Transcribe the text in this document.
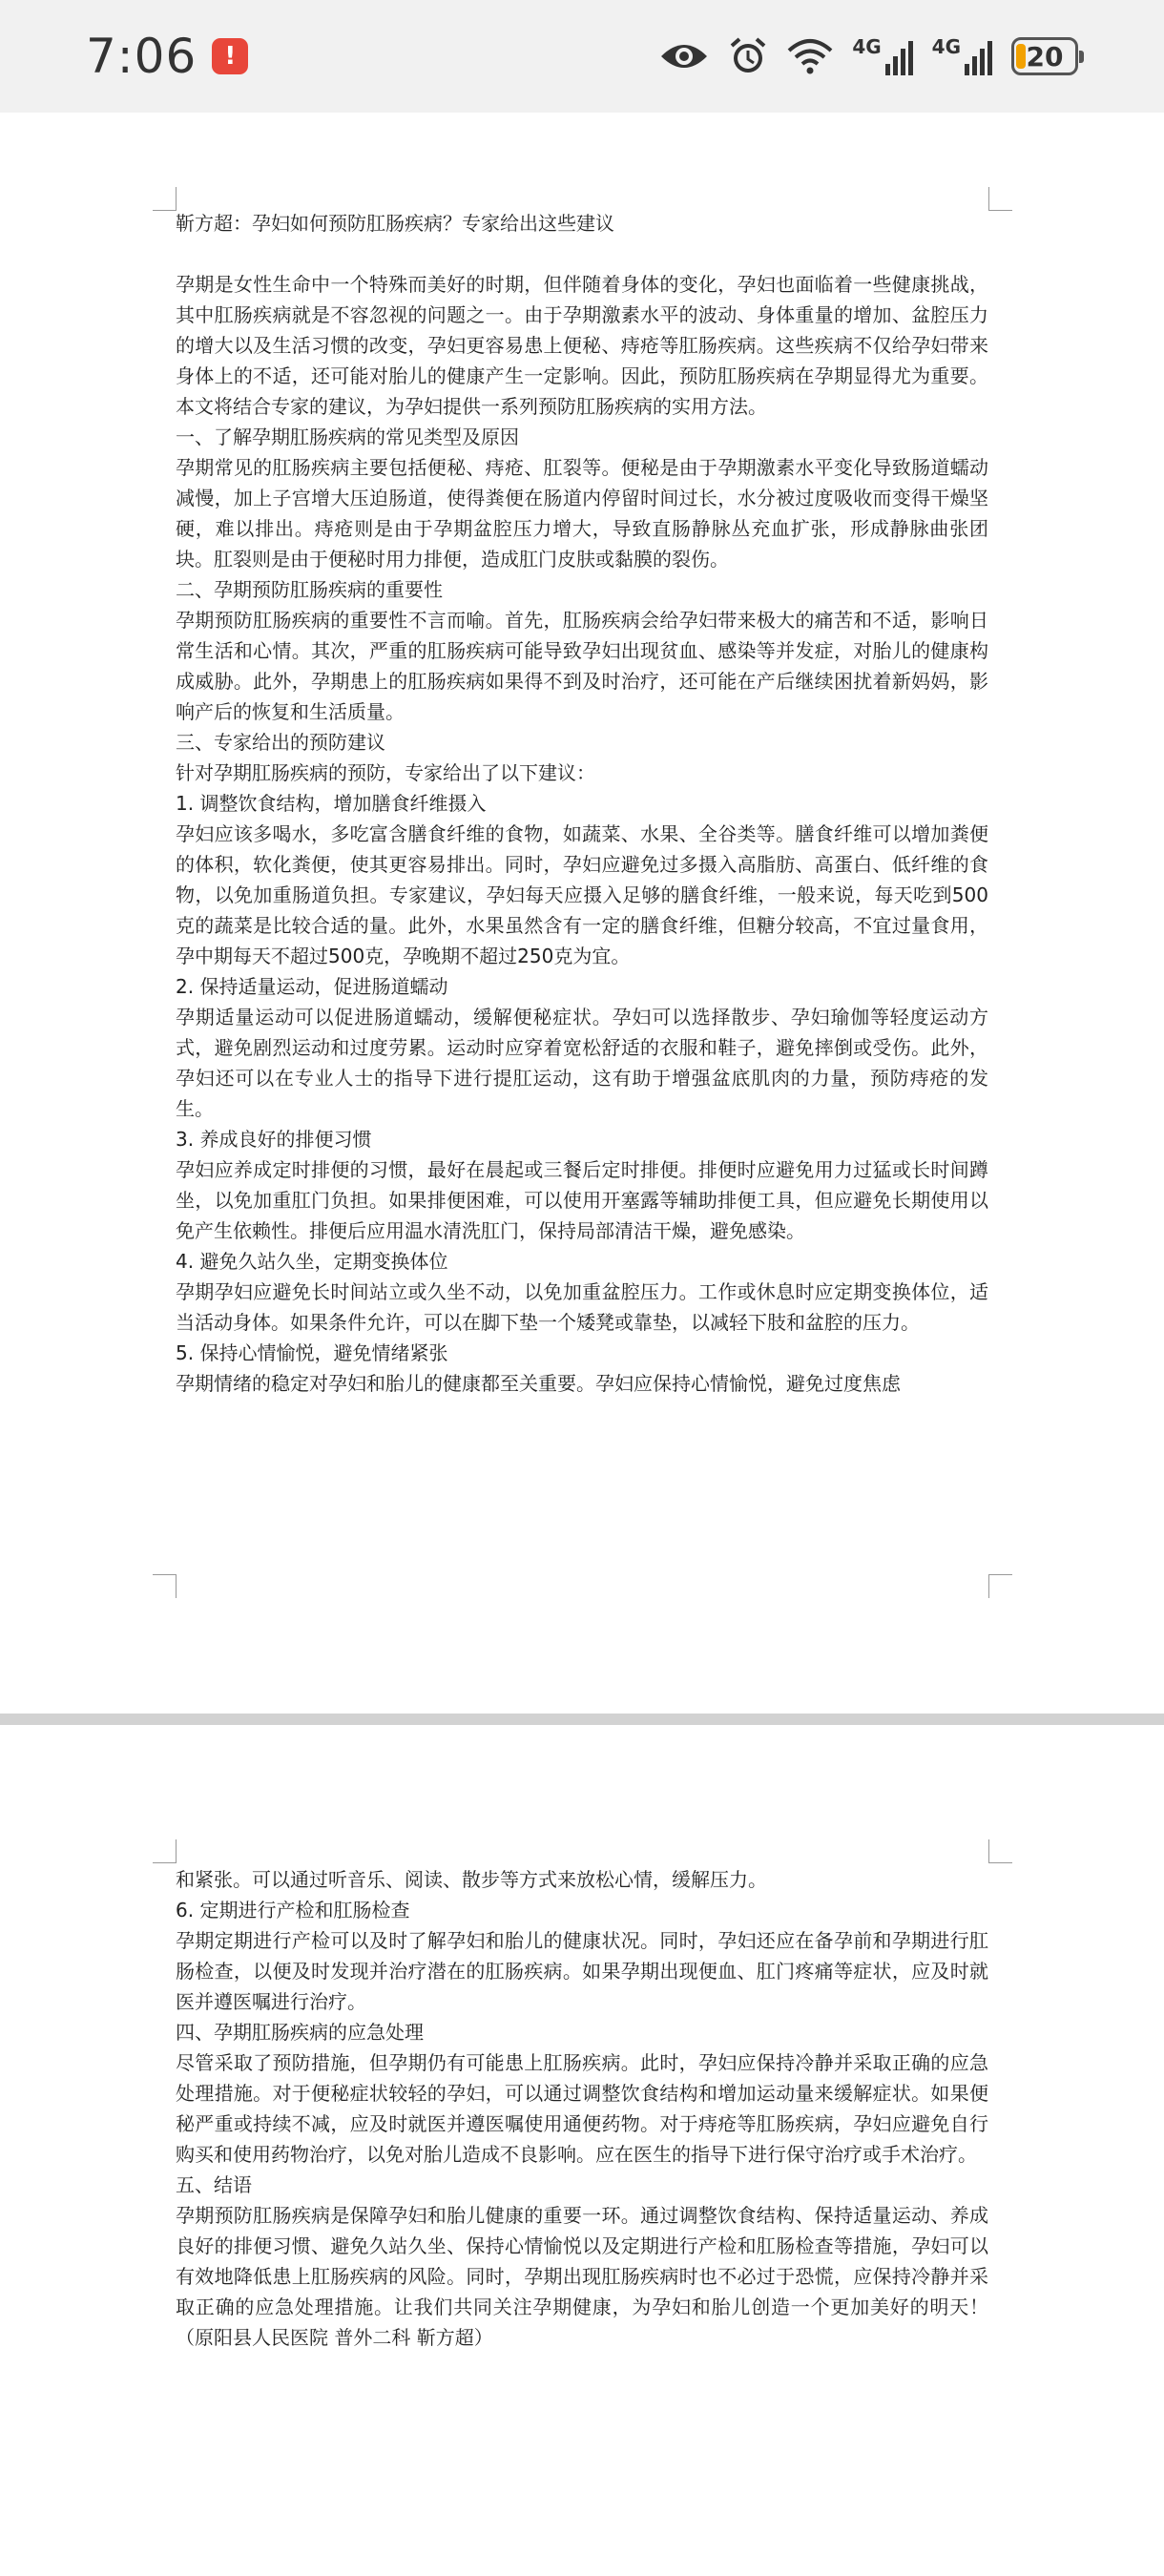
7:06	!	4G	4G 20

靳方超：孕妇如何预防肛肠疾病？专家给出这些建议

孕期是女性生命中一个特殊而美好的时期，但伴随着身体的变化，孕妇也面临着一些健康挑战，其中肛肠疾病就是不容忽视的问题之一。由于孕期激素水平的波动、身体重量的增加、盆腔压力的增大以及生活习惯的改变，孕妇更容易患上便秘、痔疮等肛肠疾病。这些疾病不仅给孕妇带来身体上的不适，还可能对胎儿的健康产生一定影响。因此，预防肛肠疾病在孕期显得尤为重要。本文将结合专家的建议，为孕妇提供一系列预防肛肠疾病的实用方法。

一、了解孕期肛肠疾病的常见类型及原因

孕期常见的肛肠疾病主要包括便秘、痔疮、肛裂等。便秘是由于孕期激素水平变化导致肠道蠕动减慢，加上子宫增大压迫肠道，使得粪便在肠道内停留时间过长，水分被过度吸收而变得干燥坚硬，难以排出。痔疮则是由于孕期盆腔压力增大，导致直肠静脉丛充血扩张，形成静脉曲张团块。肛裂则是由于便秘时用力排便，造成肛门皮肤或黏膜的裂伤。

二、孕期预防肛肠疾病的重要性

孕期预防肛肠疾病的重要性不言而喻。首先，肛肠疾病会给孕妇带来极大的痛苦和不适，影响日常生活和心情。其次，严重的肛肠疾病可能导致孕妇出现贫血、感染等并发症，对胎儿的健康构成威胁。此外，孕期患上的肛肠疾病如果得不到及时治疗，还可能在产后继续困扰着新妈妈，影响产后的恢复和生活质量。

三、专家给出的预防建议

针对孕期肛肠疾病的预防，专家给出了以下建议：

1. 调整饮食结构，增加膳食纤维摄入

孕妇应该多喝水，多吃富含膳食纤维的食物，如蔬菜、水果、全谷类等。膳食纤维可以增加粪便的体积，软化粪便，使其更容易排出。同时，孕妇应避免过多摄入高脂肪、高蛋白、低纤维的食物，以免加重肠道负担。专家建议，孕妇每天应摄入足够的膳食纤维，一般来说，每天吃到500克的蔬菜是比较合适的量。此外，水果虽然含有一定的膳食纤维，但糖分较高，不宜过量食用，孕中期每天不超过500克，孕晚期不超过250克为宜。

2. 保持适量运动，促进肠道蠕动

孕期适量运动可以促进肠道蠕动，缓解便秘症状。孕妇可以选择散步、孕妇瑜伽等轻度运动方式，避免剧烈运动和过度劳累。运动时应穿着宽松舒适的衣服和鞋子，避免摔倒或受伤。此外，孕妇还可以在专业人士的指导下进行提肛运动，这有助于增强盆底肌肉的力量，预防痔疮的发生。

3. 养成良好的排便习惯

孕妇应养成定时排便的习惯，最好在晨起或三餐后定时排便。排便时应避免用力过猛或长时间蹲坐，以免加重肛门负担。如果排便困难，可以使用开塞露等辅助排便工具，但应避免长期使用以免产生依赖性。排便后应用温水清洗肛门，保持局部清洁干燥，避免感染。

4. 避免久站久坐，定期变换体位

孕期孕妇应避免长时间站立或久坐不动，以免加重盆腔压力。工作或休息时应定期变换体位，适当活动身体。如果条件允许，可以在脚下垫一个矮凳或靠垫，以减轻下肢和盆腔的压力。

5. 保持心情愉悦，避免情绪紧张

孕期情绪的稳定对孕妇和胎儿的健康都至关重要。孕妇应保持心情愉悦，避免过度焦虑

和紧张。可以通过听音乐、阅读、散步等方式来放松心情，缓解压力。

6. 定期进行产检和肛肠检查

孕期定期进行产检可以及时了解孕妇和胎儿的健康状况。同时，孕妇还应在备孕前和孕期进行肛肠检查，以便及时发现并治疗潜在的肛肠疾病。如果孕期出现便血、肛门疼痛等症状，应及时就医并遵医嘱进行治疗。

四、孕期肛肠疾病的应急处理

尽管采取了预防措施，但孕期仍有可能患上肛肠疾病。此时，孕妇应保持冷静并采取正确的应急处理措施。对于便秘症状较轻的孕妇，可以通过调整饮食结构和增加运动量来缓解症状。如果便秘严重或持续不减，应及时就医并遵医嘱使用通便药物。对于痔疮等肛肠疾病，孕妇应避免自行购买和使用药物治疗，以免对胎儿造成不良影响。应在医生的指导下进行保守治疗或手术治疗。

五、结语

孕期预防肛肠疾病是保障孕妇和胎儿健康的重要一环。通过调整饮食结构、保持适量运动、养成良好的排便习惯、避免久站久坐、保持心情愉悦以及定期进行产检和肛肠检查等措施，孕妇可以有效地降低患上肛肠疾病的风险。同时，孕期出现肛肠疾病时也不必过于恐慌，应保持冷静并采取正确的应急处理措施。让我们共同关注孕期健康，为孕妇和胎儿创造一个更加美好的明天！（原阳县人民医院 普外二科 靳方超）
